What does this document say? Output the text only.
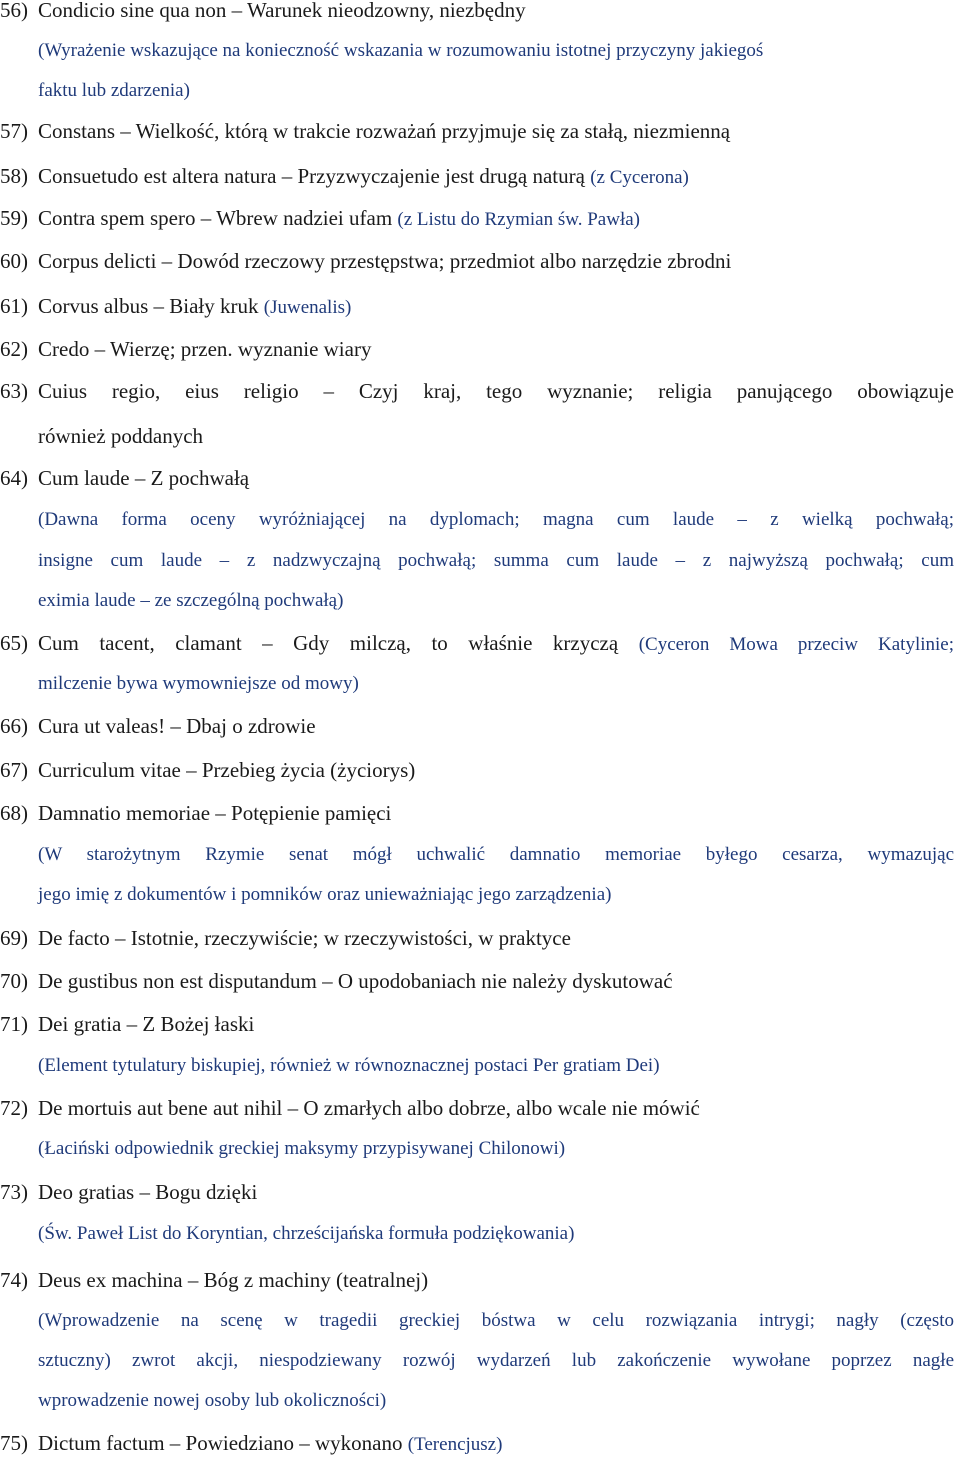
56) Condicio sine qua non – Warunek nieodzowny, niezbędny
(Wyrażenie wskazujące na konieczność wskazania w rozumowaniu istotnej przyczyny jakiegoś
faktu lub zdarzenia)
57) Constans – Wielkość, którą w trakcie rozważań przyjmuje się za stałą, niezmienną
58) Consuetudo est altera natura – Przyzwyczajenie jest drugą naturą (z Cycerona)
59) Contra spem spero – Wbrew nadziei ufam (z Listu do Rzymian św. Pawła)
60) Corpus delicti – Dowód rzeczowy przestępstwa; przedmiot albo narzędzie zbrodni
61) Corvus albus – Biały kruk (Juwenalis)
62) Credo – Wierzę; przen. wyznanie wiary
63) Cuius regio, eius religio – Czyj kraj, tego wyznanie; religia panującego obowiązuje
również poddanych
64) Cum laude – Z pochwałą
(Dawna forma oceny wyróżniającej na dyplomach; magna cum laude – z wielką pochwałą;
insigne cum laude – z nadzwyczajną pochwałą; summa cum laude – z najwyższą pochwałą; cum
eximia laude – ze szczególną pochwałą)
65) Cum tacent, clamant – Gdy milczą, to właśnie krzyczą (Cyceron Mowa przeciw Katylinie;
milczenie bywa wymowniejsze od mowy)
66) Cura ut valeas! – Dbaj o zdrowie
67) Curriculum vitae – Przebieg życia (życiorys)
68) Damnatio memoriae – Potępienie pamięci
(W starożytnym Rzymie senat mógł uchwalić damnatio memoriae byłego cesarza, wymazując
jego imię z dokumentów i pomników oraz unieważniając jego zarządzenia)
69) De facto – Istotnie, rzeczywiście; w rzeczywistości, w praktyce
70) De gustibus non est disputandum – O upodobaniach nie należy dyskutować
71) Dei gratia – Z Bożej łaski
(Element tytulatury biskupiej, również w równoznacznej postaci Per gratiam Dei)
72) De mortuis aut bene aut nihil – O zmarłych albo dobrze, albo wcale nie mówić
(Łaciński odpowiednik greckiej maksymy przypisywanej Chilonowi)
73) Deo gratias – Bogu dzięki
(Św. Paweł List do Koryntian, chrześcijańska formuła podziękowania)
74) Deus ex machina – Bóg z machiny (teatralnej)
(Wprowadzenie na scenę w tragedii greckiej bóstwa w celu rozwiązania intrygi; nagły (często
sztuczny) zwrot akcji, niespodziewany rozwój wydarzeń lub zakończenie wywołane poprzez nagłe
wprowadzenie nowej osoby lub okoliczności)
75) Dictum factum – Powiedziano – wykonano (Terencjusz)
